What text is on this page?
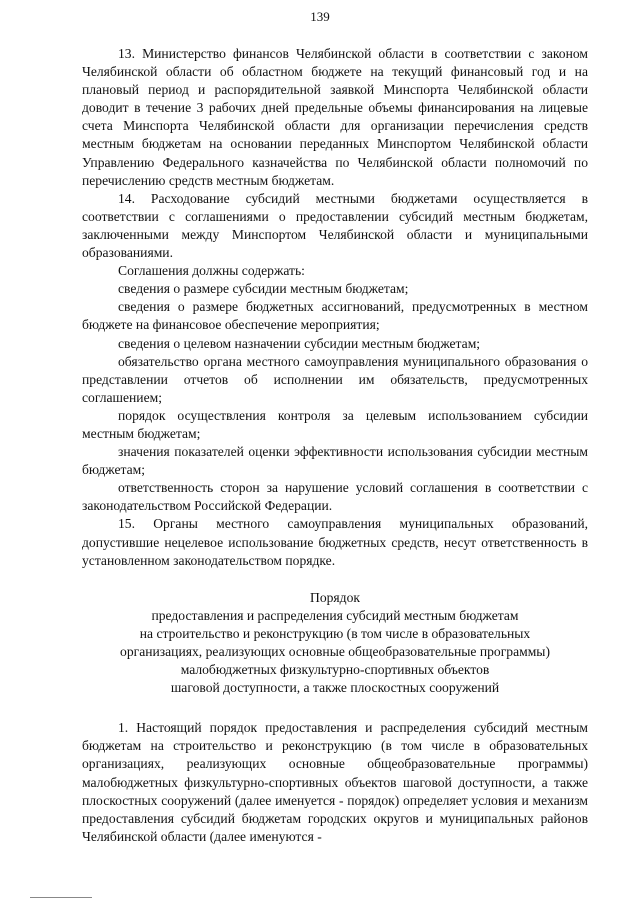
139

13. Министерство финансов Челябинской области в соответствии с законом Челябинской области об областном бюджете на текущий финансовый год и на плановый период и распорядительной заявкой Минспорта Челябинской области доводит в течение 3 рабочих дней предельные объемы финансирования на лицевые счета Минспорта Челябинской области для организации перечисления средств местным бюджетам на основании переданных Минспортом Челябинской области Управлению Федерального казначейства по Челябинской области полномочий по перечислению средств местным бюджетам.

14. Расходование субсидий местными бюджетами осуществляется в соответствии с соглашениями о предоставлении субсидий местным бюджетам, заключенными между Минспортом Челябинской области и муниципальными образованиями.

Соглашения должны содержать:

сведения о размере субсидии местным бюджетам;

сведения о размере бюджетных ассигнований, предусмотренных в местном бюджете на финансовое обеспечение мероприятия;

сведения о целевом назначении субсидии местным бюджетам;

обязательство органа местного самоуправления муниципального образования о представлении отчетов об исполнении им обязательств, предусмотренных соглашением;

порядок осуществления контроля за целевым использованием субсидии местным бюджетам;

значения показателей оценки эффективности использования субсидии местным бюджетам;

ответственность сторон за нарушение условий соглашения в соответствии с законодательством Российской Федерации.

15. Органы местного самоуправления муниципальных образований, допустившие нецелевое использование бюджетных средств, несут ответственность в установленном законодательством порядке.

Порядок
предоставления и распределения субсидий местным бюджетам
на строительство и реконструкцию (в том числе в образовательных
организациях, реализующих основные общеобразовательные программы)
малобюджетных физкультурно-спортивных объектов
шаговой доступности, а также плоскостных сооружений

1. Настоящий порядок предоставления и распределения субсидий местным бюджетам на строительство и реконструкцию (в том числе в образовательных организациях, реализующих основные общеобразовательные программы) малобюджетных физкультурно-спортивных объектов шаговой доступности, а также плоскостных сооружений (далее именуется - порядок) определяет условия и механизм предоставления субсидий бюджетам городских округов и муниципальных районов Челябинской области (далее именуются -
